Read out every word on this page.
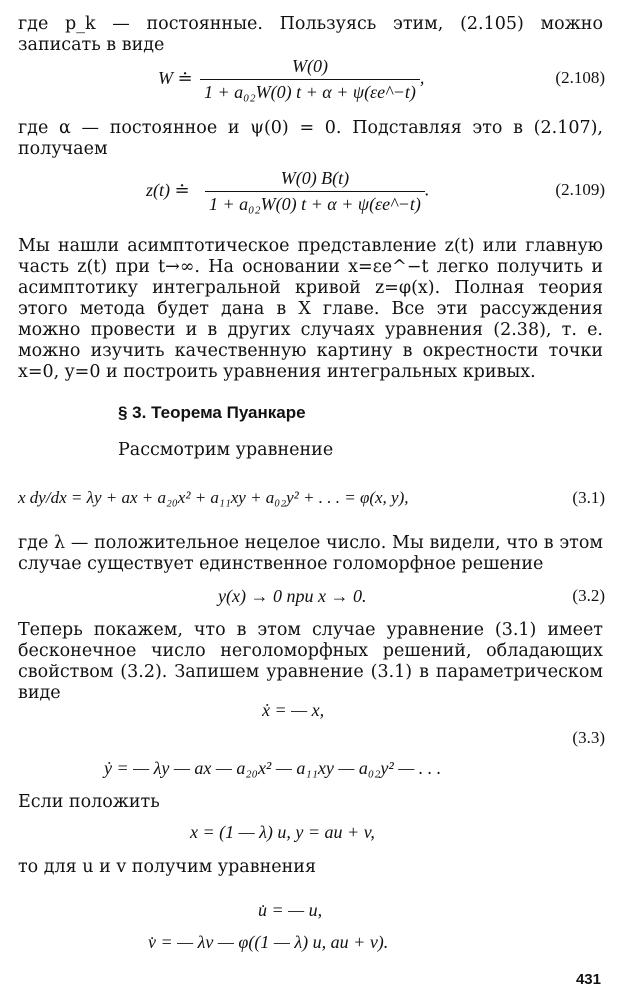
где p_k — постоянные. Пользуясь этим, (2.105) можно записать в виде

W ≐ $\frac{W(0)}{\text{1 + a₀₂W(0) t + α + ψ(εe\textasciicircum{}−t)}}$ ,	(2.108)

где α — постоянное и ψ(0) = 0. Подставляя это в (2.107), получаем

z(t) ≐ $\frac{W(0) B(t)}{\text{1 + a₀₂W(0) t + α + ψ(εe\textasciicircum{}−t)}}$ .	(2.109)

Мы нашли асимптотическое представление z(t) или главную часть z(t) при t→∞. На основании x=εe^−t легко получить и асимптотику интегральной кривой z=φ(x). Полная теория этого метода будет дана в X главе. Все эти рассуждения можно провести и в других случаях уравнения (2.38), т. е. можно изучить качественную картину в окрестности точки x=0, y=0 и построить уравнения интегральных кривых.

§ 3. Теорема Пуанкаре

Рассмотрим уравнение

x dy/dx = λy + ax + a₂₀x² + a₁₁xy + a₀₂y² + . . . = φ(x, y),	(3.1)

где λ — положительное нецелое число. Мы видели, что в этом случае существует единственное голоморфное решение

y(x) → 0 при x → 0.	(3.2)

Теперь покажем, что в этом случае уравнение (3.1) имеет бесконечное число неголоморфных решений, обладающих свойством (3.2). Запишем уравнение (3.1) в параметрическом виде

ẋ = — x,
(3.3)
ẏ = — λy — ax — a₂₀x² — a₁₁xy — a₀₂y² — . . .

Если положить

x = (1 — λ) u, y = au + v,

то для u и v получим уравнения

u̇ = — u,
v̇ = — λv — φ((1 — λ) u, au + v).
431
